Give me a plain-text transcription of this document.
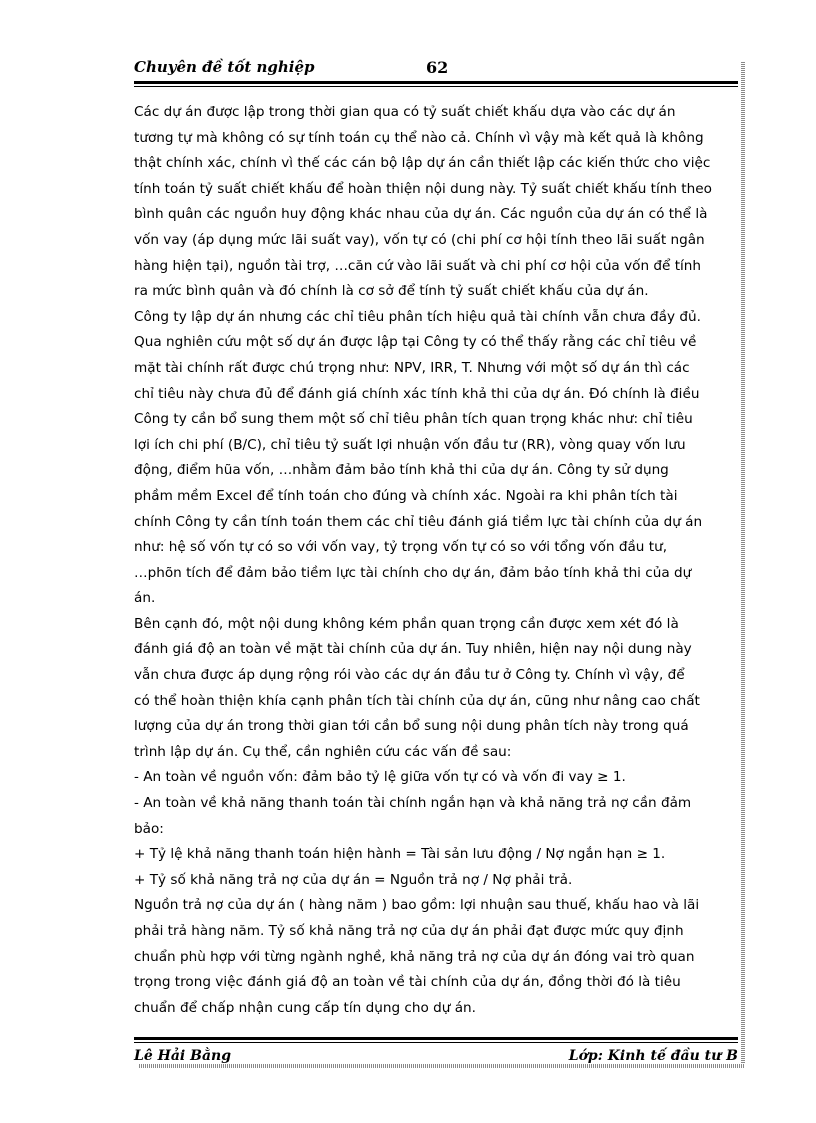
Chuyên đề tốt nghiệp	62
Các dự án được lập trong thời gian qua có tỷ suất chiết khấu dựa vào các dự án
tương tự mà không có sự tính toán cụ thể nào cả. Chính vì vậy mà kết quả là không
thật chính xác, chính vì thế các cán bộ lập dự án cần thiết lập các kiến thức cho việc
tính toán tỷ suất chiết khấu để hoàn thiện nội dung này. Tỷ suất chiết khấu tính theo
bình quân các nguồn huy động khác nhau của dự án. Các nguồn của dự án có thể là
vốn vay (áp dụng mức lãi suất vay), vốn tự có (chi phí cơ hội tính theo lãi suất ngân
hàng hiện tại), nguồn tài trợ, …căn cứ vào lãi suất và chi phí cơ hội của vốn để tính
ra mức bình quân và đó chính là cơ sở để tính tỷ suất chiết khấu của dự án.
Công ty lập dự án nhưng các chỉ tiêu phân tích hiệu quả tài chính vẫn chưa đầy đủ.
Qua nghiên cứu một số dự án được lập tại Công ty có thể thấy rằng các chỉ tiêu về
mặt tài chính rất được chú trọng như: NPV, IRR, T. Nhưng với một số dự án thì các
chỉ tiêu này chưa đủ để đánh giá chính xác tính khả thi của dự án. Đó chính là điều
Công ty cần bổ sung them một số chỉ tiêu phân tích quan trọng khác như: chỉ tiêu
lợi ích chi phí (B/C), chỉ tiêu tỷ suất lợi nhuận vốn đầu tư (RR), vòng quay vốn lưu
động, điểm hũa vốn, …nhằm đảm bảo tính khả thi của dự án. Công ty sử dụng
phầm mềm Excel để tính toán cho đúng và chính xác. Ngoài ra khi phân tích tài
chính Công ty cần tính toán them các chỉ tiêu đánh giá tiềm lực tài chính của dự án
như: hệ số vốn tự có so với vốn vay, tỷ trọng vốn tự có so với tổng vốn đầu tư,
…phõn tích để đảm bảo tiềm lực tài chính cho dự án, đảm bảo tính khả thi của dự
án.
Bên cạnh đó, một nội dung không kém phần quan trọng cần được xem xét đó là
đánh giá độ an toàn về mặt tài chính của dự án. Tuy nhiên, hiện nay nội dung này
vẫn chưa được áp dụng rộng rói vào các dự án đầu tư ở Công ty. Chính vì vậy, để
có thể hoàn thiện khía cạnh phân tích tài chính của dự án, cũng như nâng cao chất
lượng của dự án trong thời gian tới cần bổ sung nội dung phân tích này trong quá
trình lập dự án. Cụ thể, cần nghiên cứu các vấn đề sau:
- An toàn về nguồn vốn: đảm bảo tỷ lệ giữa vốn tự có và vốn đi vay ≥ 1.
- An toàn về khả năng thanh toán tài chính ngắn hạn và khả năng trả nợ cần đảm
bảo:
+ Tỷ lệ khả năng thanh toán hiện hành = Tài sản lưu động / Nợ ngắn hạn ≥ 1.
+ Tỷ số khả năng trả nợ của dự án = Nguồn trả nợ / Nợ phải trả.
Nguồn trả nợ của dự án ( hàng năm ) bao gồm: lợi nhuận sau thuế, khấu hao và lãi
phải trả hàng năm. Tỷ số khả năng trả nợ của dự án phải đạt được mức quy định
chuẩn phù hợp với từng ngành nghề, khả năng trả nợ của dự án đóng vai trò quan
trọng trong việc đánh giá độ an toàn về tài chính của dự án, đồng thời đó là tiêu
chuẩn để chấp nhận cung cấp tín dụng cho dự án.
Lê Hải Bằng	Lớp: Kinh tế đầu tư B
